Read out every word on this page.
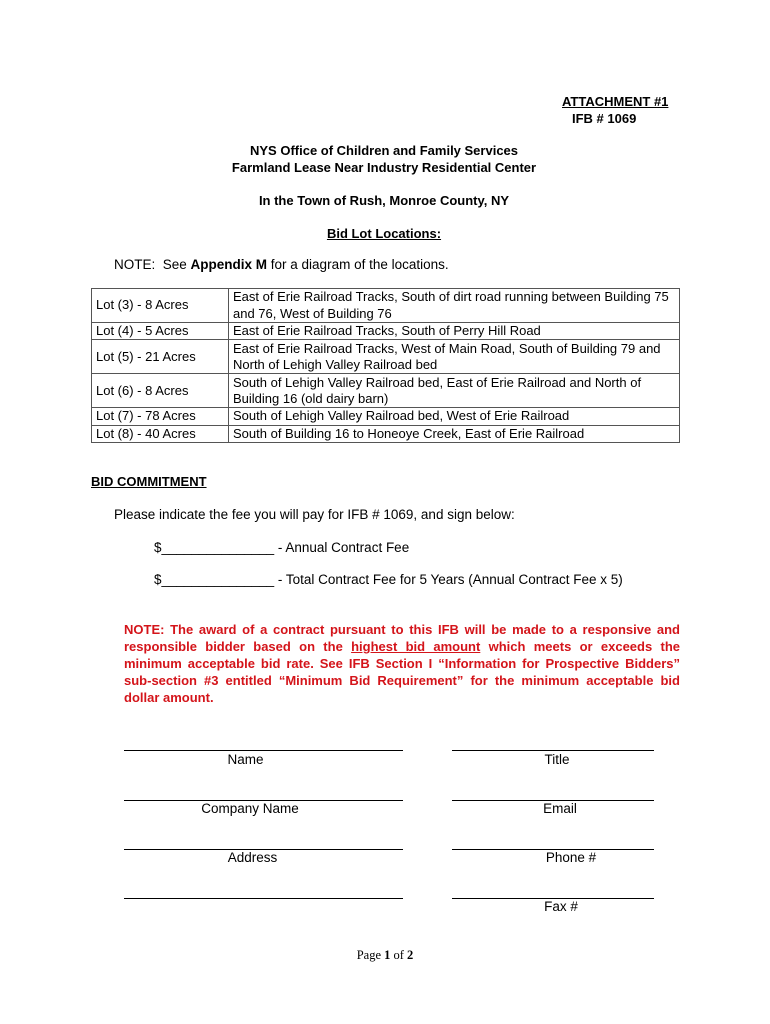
ATTACHMENT #1
IFB # 1069
NYS Office of Children and Family Services
Farmland Lease Near Industry Residential Center
In the Town of Rush, Monroe County, NY
Bid Lot Locations:
NOTE:  See Appendix M for a diagram of the locations.
Lot (3) - 8 Acres	East of Erie Railroad Tracks, South of dirt road running between Building 75 and 76, West of Building 76
Lot (4) - 5 Acres	East of Erie Railroad Tracks, South of Perry Hill Road
Lot (5) - 21 Acres	East of Erie Railroad Tracks, West of Main Road, South of Building 79 and North of Lehigh Valley Railroad bed
Lot (6) - 8 Acres	South of Lehigh Valley Railroad bed, East of Erie Railroad and North of Building 16 (old dairy barn)
Lot (7) - 78 Acres	South of Lehigh Valley Railroad bed, West of Erie Railroad
Lot (8) - 40 Acres	South of Building 16 to Honeoye Creek, East of Erie Railroad
BID COMMITMENT
Please indicate the fee you will pay for IFB # 1069, and sign below:
$_______________ - Annual Contract Fee
$_______________ - Total Contract Fee for 5 Years (Annual Contract Fee x 5)
NOTE: The award of a contract pursuant to this IFB will be made to a responsive and responsible bidder based on the highest bid amount which meets or exceeds the minimum acceptable bid rate. See IFB Section I “Information for Prospective Bidders” sub-section #3 entitled “Minimum Bid Requirement” for the minimum acceptable bid dollar amount.
Name	Title
Company Name	Email
Address	Phone #
Fax #
Page 1 of 2
